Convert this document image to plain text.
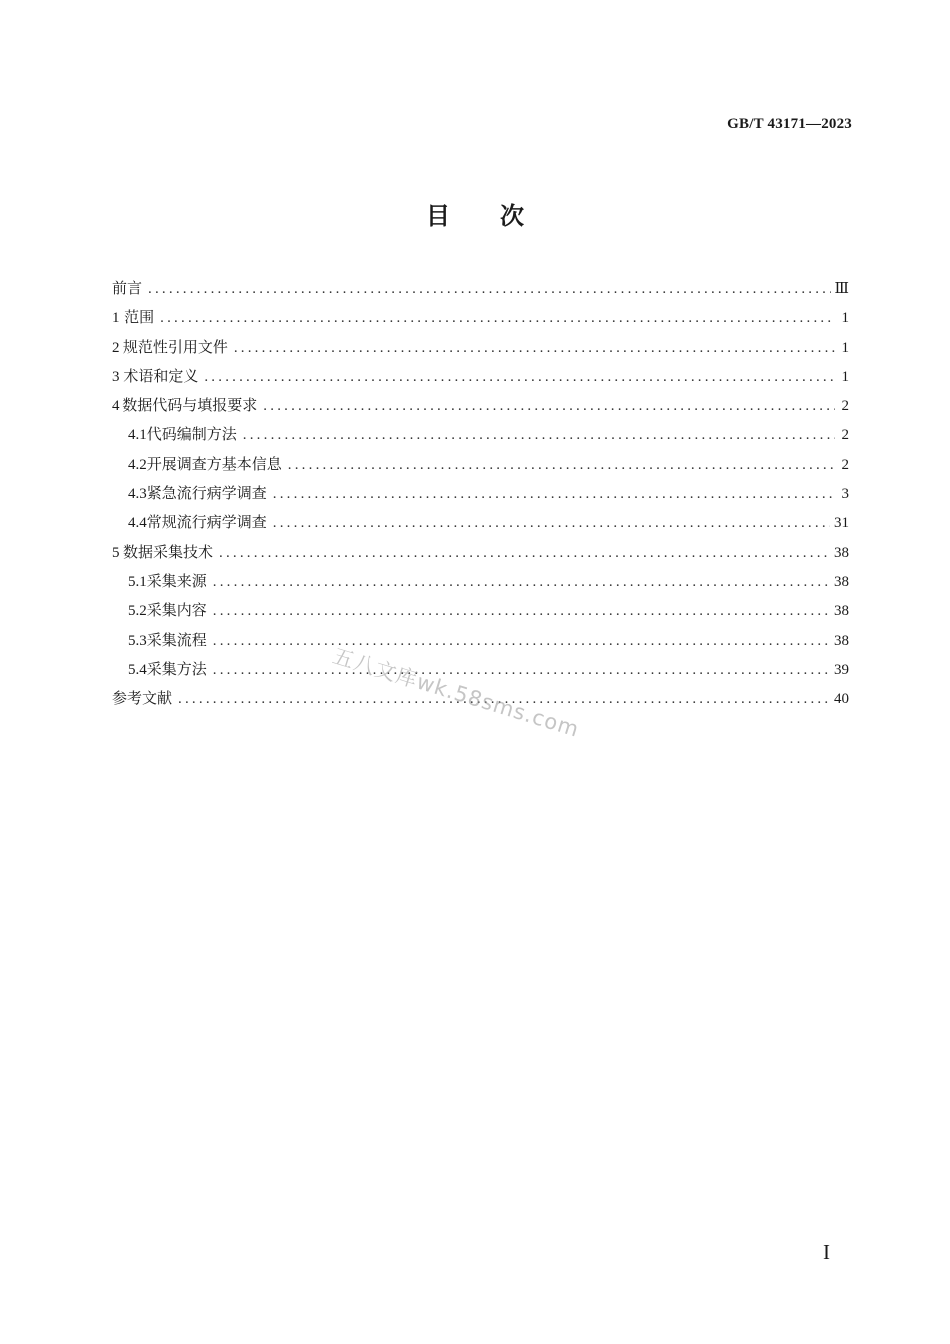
GB/T 43171—2023
目 次
前言 .....	Ⅲ
1 范围 .....	1
2 规范性引用文件 .....	1
3 术语和定义 .....	1
4 数据代码与填报要求 .....	2
4.1 代码编制方法 .....	2
4.2 开展调查方基本信息 .....	2
4.3 紧急流行病学调查 .....	3
4.4 常规流行病学调查 .....	31
5 数据采集技术 .....	38
5.1 采集来源 .....	38
5.2 采集内容 .....	38
5.3 采集流程 .....	38
5.4 采集方法 .....	39
参考文献 .....	40
五八文库wk.58sms.com
I
